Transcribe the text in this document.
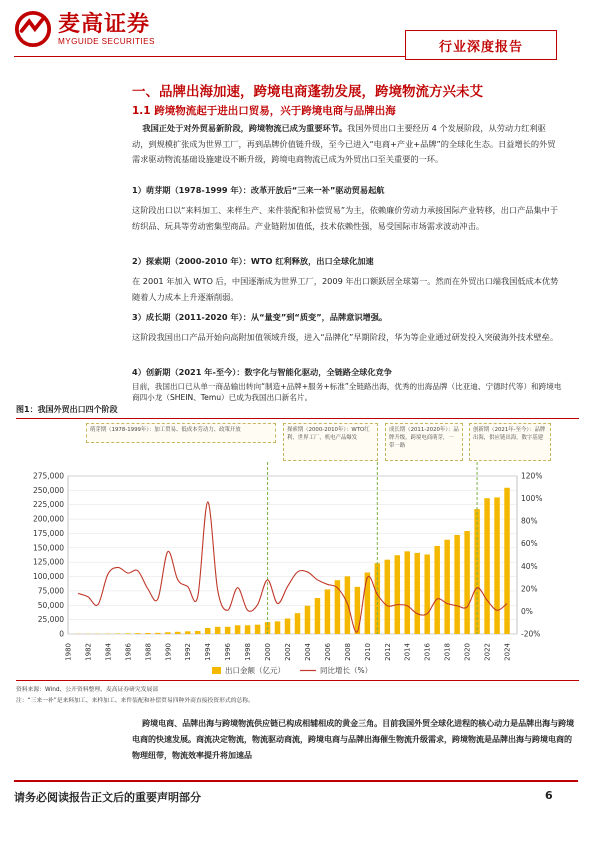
麦高证券
MYGUIDE SECURITIES	行业深度报告
一、品牌出海加速，跨境电商蓬勃发展，跨境物流方兴未艾
1.1 跨境物流起于进出口贸易，兴于跨境电商与品牌出海
我国正处于对外贸易新阶段，跨境物流已成为重要环节。我国外贸出口主要经历 4 个发展阶段，从劳动力红利驱动，到规模扩张成为世界工厂，再到品牌价值链升级，至今已进入“电商+产业+品牌”的全球化生态。日益增长的外贸需求驱动物流基础设施建设不断升级，跨境电商物流已成为外贸出口至关重要的一环。
1）萌芽期（1978-1999 年）：改革开放后“三来一补”驱动贸易起航
这阶段出口以“来料加工、来样生产、来件装配和补偿贸易”为主，依赖廉价劳动力承接国际产业转移，出口产品集中于纺织品、玩具等劳动密集型商品。产业链附加值低，技术依赖性强，易受国际市场需求波动冲击。
2）探索期（2000-2010 年）：WTO 红利释放，出口全球化加速
在 2001 年加入 WTO 后，中国逐渐成为世界工厂，2009 年出口额跃居全球第一。然而在外贸出口端我国低成本优势随着人力成本上升逐渐削弱。
3）成长期（2011-2020 年）：从“量变”到“质变”，品牌意识增强。
这阶段我国出口产品开始向高附加值领域升级，进入“品牌化”早期阶段，华为等企业通过研发投入突破海外技术壁垒。
4）创新期（2021 年-至今）：数字化与智能化驱动，全链路全球化竞争
目前，我国出口已从单一商品输出转向“制造+品牌+服务+标准”全链路出海，优秀的出海品牌（比亚迪、宁德时代等）和跨境电商四小龙（SHEIN、Temu）已成为我国出口新名片。
图1：我国外贸出口四个阶段
萌芽期（1978-1999年）：加工贸易、低成本劳动力、政策开放	探索期（2000-2010年）：WTO红利，世界工厂，机电产品爆发
成长期（2011-2020年）：品牌升级，跨境电商萌芽，一带一路
创新期（2021年-至今）：品牌出海，供应链出海，数字基建
0
25,000
50,000
75,000
100,000
125,000
150,000
175,000
200,000
225,000
250,000
275,000
-20%
0%
20%
40%
60%
80%
100%
120%
1980 1982 1984 1986 1988 1990 1992 1994 1996 1998 2000 2002 2004 2006 2008 2010 2012 2014 2016 2018 2020 2022 2024
出口金额（亿元）	同比增长（%）
资料来源：Wind、公开资料整理、麦高证券研究发展部
注：“三来一补”是来料加工、来样加工、来件装配和补偿贸易四种外商直接投资形式的总称。
跨境电商、品牌出海与跨境物流供应链已构成相辅相成的黄金三角。目前我国外贸全球化进程的核心动力是品牌出海与跨境电商的快速发展。商流决定物流，物流驱动商流，跨境电商与品牌出海催生物流升级需求，跨境物流是品牌出海与跨境电商的物理纽带，物流效率提升将加速品
请务必阅读报告正文后的重要声明部分	6
